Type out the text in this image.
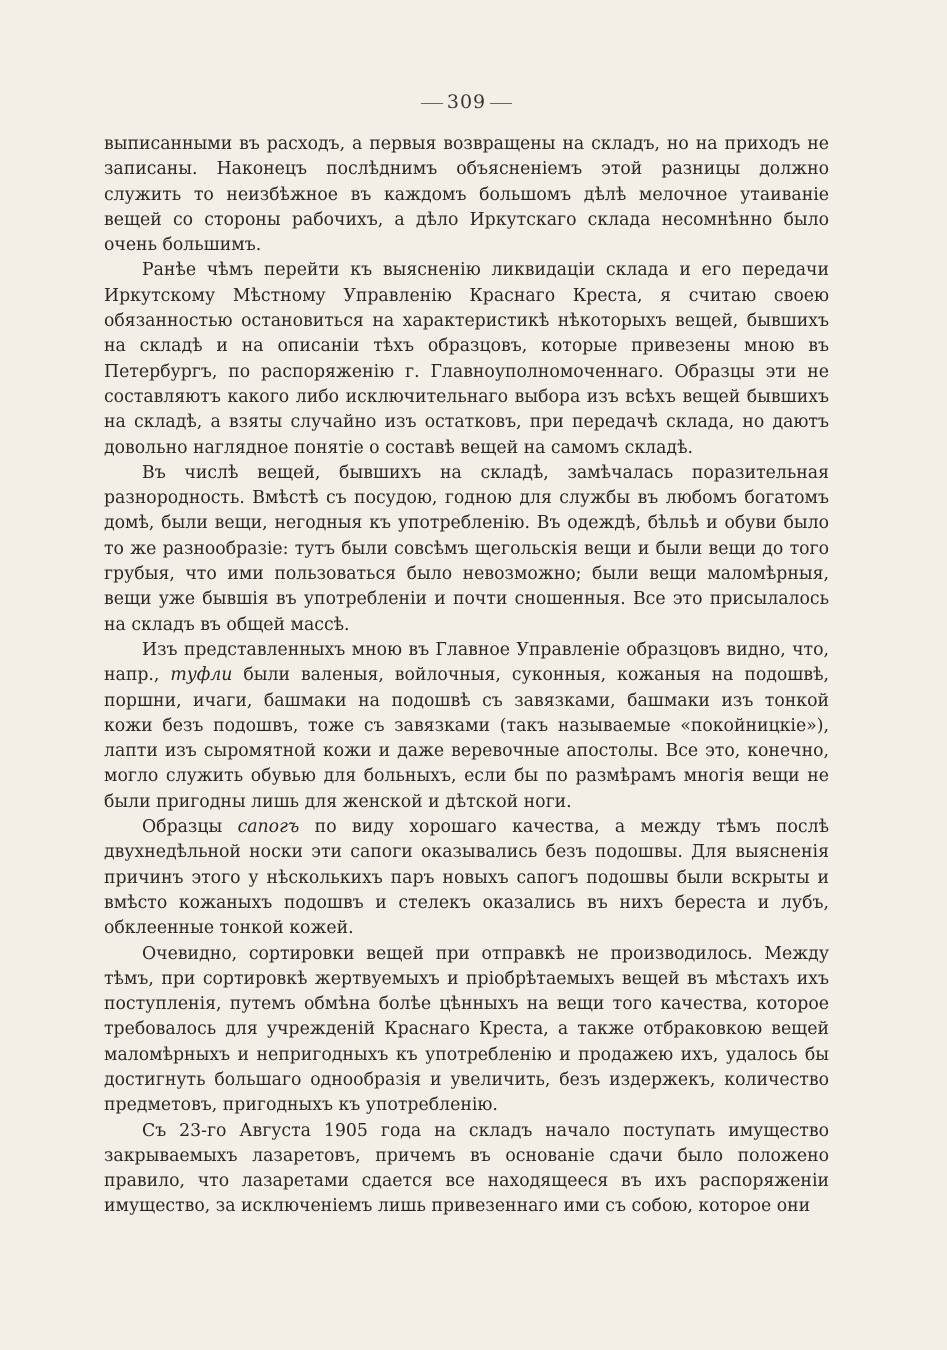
309

выписанными въ расходъ, а первыя возвращены на складъ, но на приходъ не записаны. Наконецъ послѣднимъ объясненіемъ этой разницы должно служить то неизбѣжное въ каждомъ большомъ дѣлѣ мелочное утаиваніе вещей со стороны рабочихъ, а дѣло Иркутскаго склада несомнѣнно было очень большимъ.

Ранѣе чѣмъ перейти къ выясненію ликвидаціи склада и его передачи Иркутскому Мѣстному Управленію Краснаго Креста, я считаю своею обязанностью остановиться на характеристикѣ нѣкоторыхъ вещей, бывшихъ на складѣ и на описаніи тѣхъ образцовъ, которые привезены мною въ Петербургъ, по распоряженію г. Главноуполномоченнаго. Образцы эти не составляютъ какого либо исключительнаго выбора изъ всѣхъ вещей бывшихъ на складѣ, а взяты случайно изъ остатковъ, при передачѣ склада, но даютъ довольно наглядное понятіе о составѣ вещей на самомъ складѣ.

Въ числѣ вещей, бывшихъ на складѣ, замѣчалась поразительная разнородность. Вмѣстѣ съ посудою, годною для службы въ любомъ богатомъ домѣ, были вещи, негодныя къ употребленію. Въ одеждѣ, бѣльѣ и обуви было то же разнообразіе: тутъ были совсѣмъ щегольскія вещи и были вещи до того грубыя, что ими пользоваться было невозможно; были вещи маломѣрныя, вещи уже бывшія въ употребленіи и почти сношенныя. Все это присылалось на складъ въ общей массѣ.

Изъ представленныхъ мною въ Главное Управленіе образцовъ видно, что, напр., туфли были валеныя, войлочныя, суконныя, кожаныя на подошвѣ, поршни, ичаги, башмаки на подошвѣ съ завязками, башмаки изъ тонкой кожи безъ подошвъ, тоже съ завязками (такъ называемые «покойницкіе»), лапти изъ сыромятной кожи и даже веревочные апостолы. Все это, конечно, могло служить обувью для больныхъ, если бы по размѣрамъ многія вещи не были пригодны лишь для женской и дѣтской ноги.

Образцы сапогъ по виду хорошаго качества, а между тѣмъ послѣ двухнедѣльной носки эти сапоги оказывались безъ подошвы. Для выясненія причинъ этого у нѣсколькихъ паръ новыхъ сапогъ подошвы были вскрыты и вмѣсто кожаныхъ подошвъ и стелекъ оказались въ нихъ береста и лубъ, обклеенные тонкой кожей.

Очевидно, сортировки вещей при отправкѣ не производилось. Между тѣмъ, при сортировкѣ жертвуемыхъ и пріобрѣтаемыхъ вещей въ мѣстахъ ихъ поступленія, путемъ обмѣна болѣе цѣнныхъ на вещи того качества, которое требовалось для учрежденій Краснаго Креста, а также отбраковкою вещей маломѣрныхъ и непригодныхъ къ употребленію и продажею ихъ, удалось бы достигнуть большаго однообразія и увеличить, безъ издержекъ, количество предметовъ, пригодныхъ къ употребленію.

Съ 23-го Августа 1905 года на складъ начало поступать имущество закрываемыхъ лазаретовъ, причемъ въ основаніе сдачи было положено правило, что лазаретами сдается все находящееся въ ихъ распоряженіи имущество, за исключеніемъ лишь привезеннаго ими съ собою, которое они
